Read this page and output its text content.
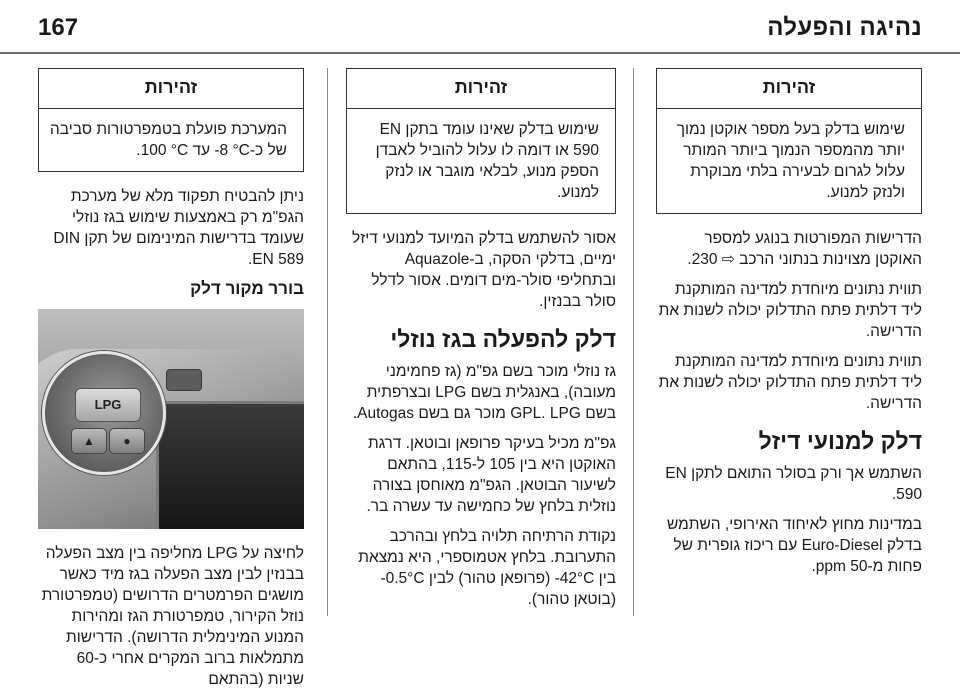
נהיגה והפעלה
167
זהירות
שימוש בדלק בעל מספר אוקטן נמוך יותר מהמספר הנמוך ביותר המותר עלול לגרום לבעירה בלתי מבוקרת ולנזק למנוע.

הדרישות המפורטות בנוגע למספר האוקטן מצוינות בנתוני הרכב ⇨ 230.

תווית נתונים מיוחדת למדינה המותקנת ליד דלתית פתח התדלוק יכולה לשנות את הדרישה.

תווית נתונים מיוחדת למדינה המותקנת ליד דלתית פתח התדלוק יכולה לשנות את הדרישה.

דלק למנועי דיזל

השתמש אך ורק בסולר התואם לתקן EN 590.

במדינות מחוץ לאיחוד האירופי, השתמש בדלק Euro-Diesel עם ריכוז גופרית של פחות מ-50 ppm.

זהירות
שימוש בדלק שאינו עומד בתקן EN 590 או דומה לו עלול להוביל לאבדן הספק מנוע, לבלאי מוגבר או לנזק למנוע.

אסור להשתמש בדלק המיועד למנועי דיזל ימיים, בדלקי הסקה, ב-Aquazole ובתחליפי סולר-מים דומים. אסור לדלל סולר בבנזין.

דלק להפעלה בגז נוזלי

גז נוזלי מוכר בשם גפ"מ (גז פחמימני מעובה), באנגלית בשם LPG ובצרפתית בשם GPL. LPG מוכר גם בשם Autogas.

גפ"מ מכיל בעיקר פרופאן ובוטאן. דרגת האוקטן היא בין 105 ל-115, בהתאם לשיעור הבוטאן. הגפ"מ מאוחסן בצורה נוזלית בלחץ של כחמישה עד עשרה בר.

נקודת הרתיחה תלויה בלחץ ובהרכב התערובת. בלחץ אטמוספרי, היא נמצאת בין ‎-42°C (פרופאן טהור) לבין ‎-0.5°C (בוטאן טהור).

זהירות
המערכת פועלת בטמפרטורות סביבה של כ-‎-8 °C עד ‎100 °C.

ניתן להבטיח תפקוד מלא של מערכת הגפ"מ רק באמצעות שימוש בגז נוזלי שעומד בדרישות המינימום של תקן DIN EN 589.

בורר מקור דלק
LPG
▲	●

לחיצה על LPG מחליפה בין מצב הפעלה בבנזין לבין מצב הפעלה בגז מיד כאשר מושגים הפרמטרים הדרושים (טמפרטורת נוזל הקירור, טמפרטורת הגז ומהירות המנוע המינימלית הדרושה). הדרישות מתמלאות ברוב המקרים אחרי כ-60 שניות (בהתאם
